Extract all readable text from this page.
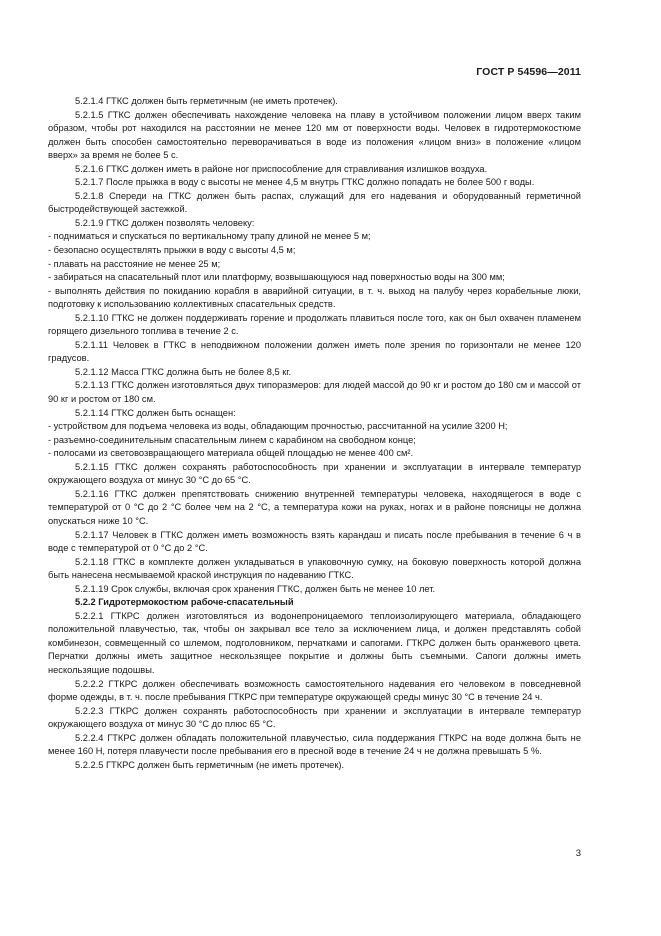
ГОСТ Р 54596—2011

5.2.1.4 ГТКС должен быть герметичным (не иметь протечек).

5.2.1.5 ГТКС должен обеспечивать нахождение человека на плаву в устойчивом положении лицом вверх таким образом, чтобы рот находился на расстоянии не менее 120 мм от поверхности воды. Человек в гидротермокостюме должен быть способен самостоятельно переворачиваться в воде из положения «лицом вниз» в положение «лицом вверх» за время не более 5 с.

5.2.1.6 ГТКС должен иметь в районе ног приспособление для стравливания излишков воздуха.

5.2.1.7 После прыжка в воду с высоты не менее 4,5 м внутрь ГТКС должно попадать не более 500 г воды.

5.2.1.8 Спереди на ГТКС должен быть распах, служащий для его надевания и оборудованный герметичной быстродействующей застежкой.

5.2.1.9 ГТКС должен позволять человеку:

- подниматься и спускаться по вертикальному трапу длиной не менее 5 м;

- безопасно осуществлять прыжки в воду с высоты 4,5 м;

- плавать на расстояние не менее 25 м;

- забираться на спасательный плот или платформу, возвышающуюся над поверхностью воды на 300 мм;

- выполнять действия по покиданию корабля в аварийной ситуации, в т. ч. выход на палубу через корабельные люки, подготовку к использованию коллективных спасательных средств.

5.2.1.10 ГТКС не должен поддерживать горение и продолжать плавиться после того, как он был охвачен пламенем горящего дизельного топлива в течение 2 с.

5.2.1.11 Человек в ГТКС в неподвижном положении должен иметь поле зрения по горизонтали не менее 120 градусов.

5.2.1.12 Масса ГТКС должна быть не более 8,5 кг.

5.2.1.13 ГТКС должен изготовляться двух типоразмеров: для людей массой до 90 кг и ростом до 180 см и массой от 90 кг и ростом от 180 см.

5.2.1.14 ГТКС должен быть оснащен:

- устройством для подъема человека из воды, обладающим прочностью, рассчитанной на усилие 3200 Н;

- разъемно-соединительным спасательным линем с карабином на свободном конце;

- полосами из световозвращающего материала общей площадью не менее 400 см².

5.2.1.15 ГТКС должен сохранять работоспособность при хранении и эксплуатации в интервале температур окружающего воздуха от минус 30 °С до 65 °С.

5.2.1.16 ГТКС должен препятствовать снижению внутренней температуры человека, находящегося в воде с температурой от 0 °С до 2 °С более чем на 2 °С, а температура кожи на руках, ногах и в районе поясницы не должна опускаться ниже 10 °С.

5.2.1.17 Человек в ГТКС должен иметь возможность взять карандаш и писать после пребывания в течение 6 ч в воде с температурой от 0 °С до 2 °С.

5.2.1.18 ГТКС в комплекте должен укладываться в упаковочную сумку, на боковую поверхность которой должна быть нанесена несмываемой краской инструкция по надеванию ГТКС.

5.2.1.19 Срок службы, включая срок хранения ГТКС, должен быть не менее 10 лет.

5.2.2 Гидротермокостюм рабоче-спасательный

5.2.2.1 ГТКРС должен изготовляться из водонепроницаемого теплоизолирующего материала, обладающего положительной плавучестью, так, чтобы он закрывал все тело за исключением лица, и должен представлять собой комбинезон, совмещенный со шлемом, подголовником, перчатками и сапогами. ГТКРС должен быть оранжевого цвета. Перчатки должны иметь защитное нескользящее покрытие и должны быть съемными. Сапоги должны иметь нескользящие подошвы.

5.2.2.2 ГТКРС должен обеспечивать возможность самостоятельного надевания его человеком в повседневной форме одежды, в т. ч. после пребывания ГТКРС при температуре окружающей среды минус 30 °С в течение 24 ч.

5.2.2.3 ГТКРС должен сохранять работоспособность при хранении и эксплуатации в интервале температур окружающего воздуха от минус 30 °С до плюс 65 °С.

5.2.2.4 ГТКРС должен обладать положительной плавучестью, сила поддержания ГТКРС на воде должна быть не менее 160 Н, потеря плавучести после пребывания его в пресной воде в течение 24 ч не должна превышать 5 %.

5.2.2.5 ГТКРС должен быть герметичным (не иметь протечек).

3
